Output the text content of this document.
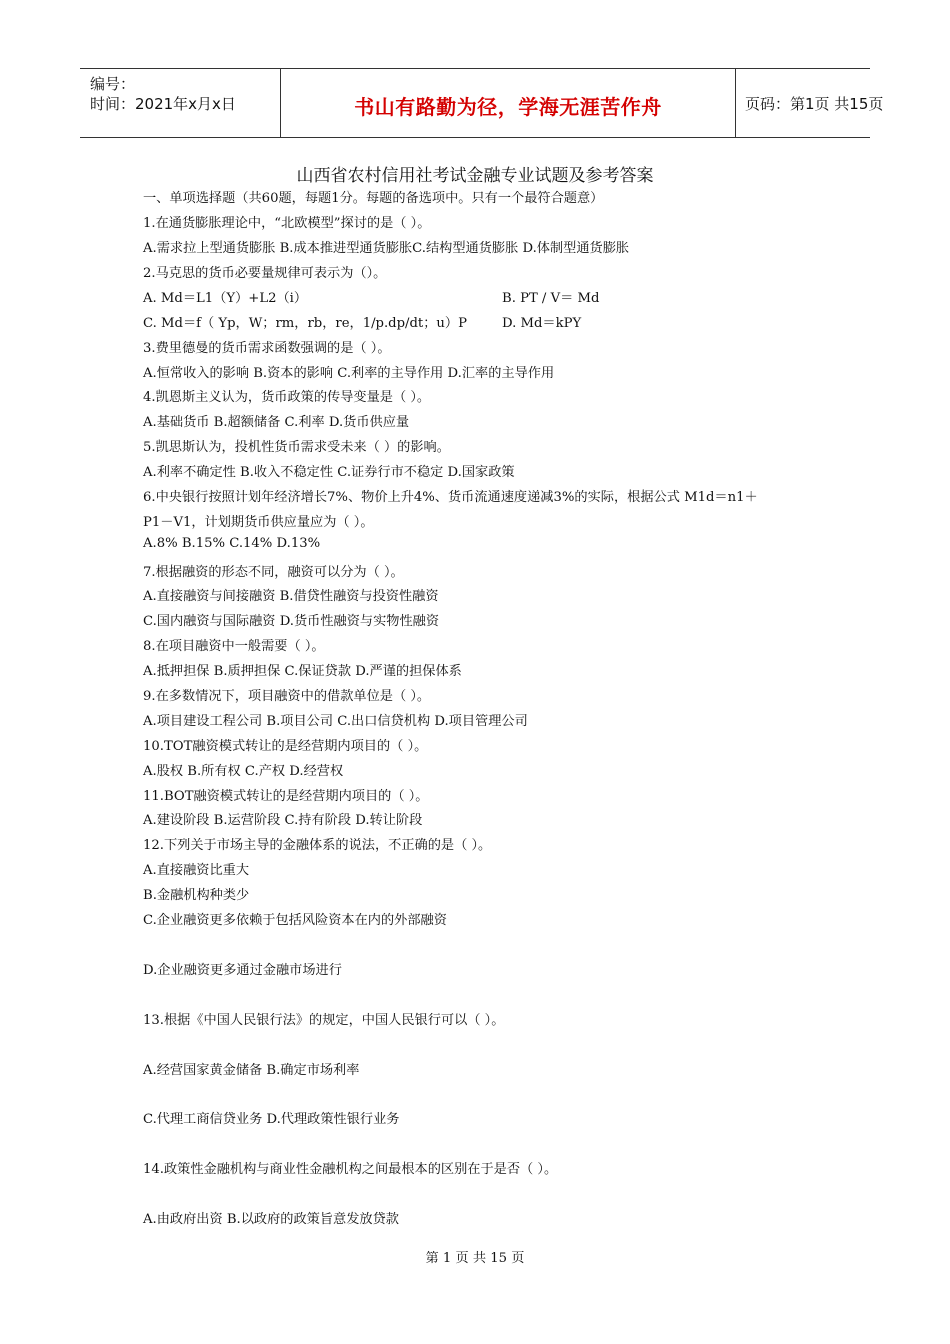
编号：
时间：2021年x月x日	书山有路勤为径，学海无涯苦作舟	页码：第1页 共15页
山西省农村信用社考试金融专业试题及参考答案
一、单项选择题（共60题，每题1分。每题的备选项中。只有一个最符合题意）
1.在通货膨胀理论中，“北欧模型”探讨的是（ ）。
A.需求拉上型通货膨胀 B.成本推进型通货膨胀C.结构型通货膨胀 D.体制型通货膨胀
2.马克思的货币必要量规律可表示为（）。
A. Md＝L1（Y）+L2（i）	B. PT / V＝ Md
C. Md＝f（ Yp，W；rm，rb，re，1/p.dp/dt；u）P	D. Md＝kPY
3.费里德曼的货币需求函数强调的是（ ）。
A.恒常收入的影响 B.资本的影响 C.利率的主导作用 D.汇率的主导作用
4.凯恩斯主义认为，货币政策的传导变量是（ ）。
A.基础货币 B.超额储备 C.利率 D.货币供应量
5.凯思斯认为，投机性货币需求受未来（ ）的影响。
A.利率不确定性 B.收入不稳定性 C.证券行市不稳定 D.国家政策
6.中央银行按照计划年经济增长7%、物价上升4%、货币流通速度递减3%的实际，根据公式 M1d＝n1＋
P1－V1，计划期货币供应量应为（ ）。
A.8% B.15% C.14% D.13%
7.根据融资的形态不同，融资可以分为（ ）。
A.直接融资与间接融资 B.借贷性融资与投资性融资
C.国内融资与国际融资 D.货币性融资与实物性融资
8.在项目融资中一般需要（ ）。
A.抵押担保 B.质押担保 C.保证贷款 D.严谨的担保体系
9.在多数情况下，项目融资中的借款单位是（ ）。
A.项目建设工程公司 B.项目公司 C.出口信贷机构 D.项目管理公司
10.TOT融资模式转让的是经营期内项目的（ ）。
A.股权 B.所有权 C.产权 D.经营权
11.BOT融资模式转让的是经营期内项目的（ ）。
A.建设阶段 B.运营阶段 C.持有阶段 D.转让阶段
12.下列关于市场主导的金融体系的说法，不正确的是（ ）。
A.直接融资比重大
B.金融机构种类少
C.企业融资更多依赖于包括风险资本在内的外部融资
D.企业融资更多通过金融市场进行
13.根据《中国人民银行法》的规定，中国人民银行可以（ ）。
A.经营国家黄金储备 B.确定市场利率
C.代理工商信贷业务 D.代理政策性银行业务
14.政策性金融机构与商业性金融机构之间最根本的区别在于是否（ ）。
A.由政府出资 B.以政府的政策旨意发放贷款
第 1 页 共 15 页
